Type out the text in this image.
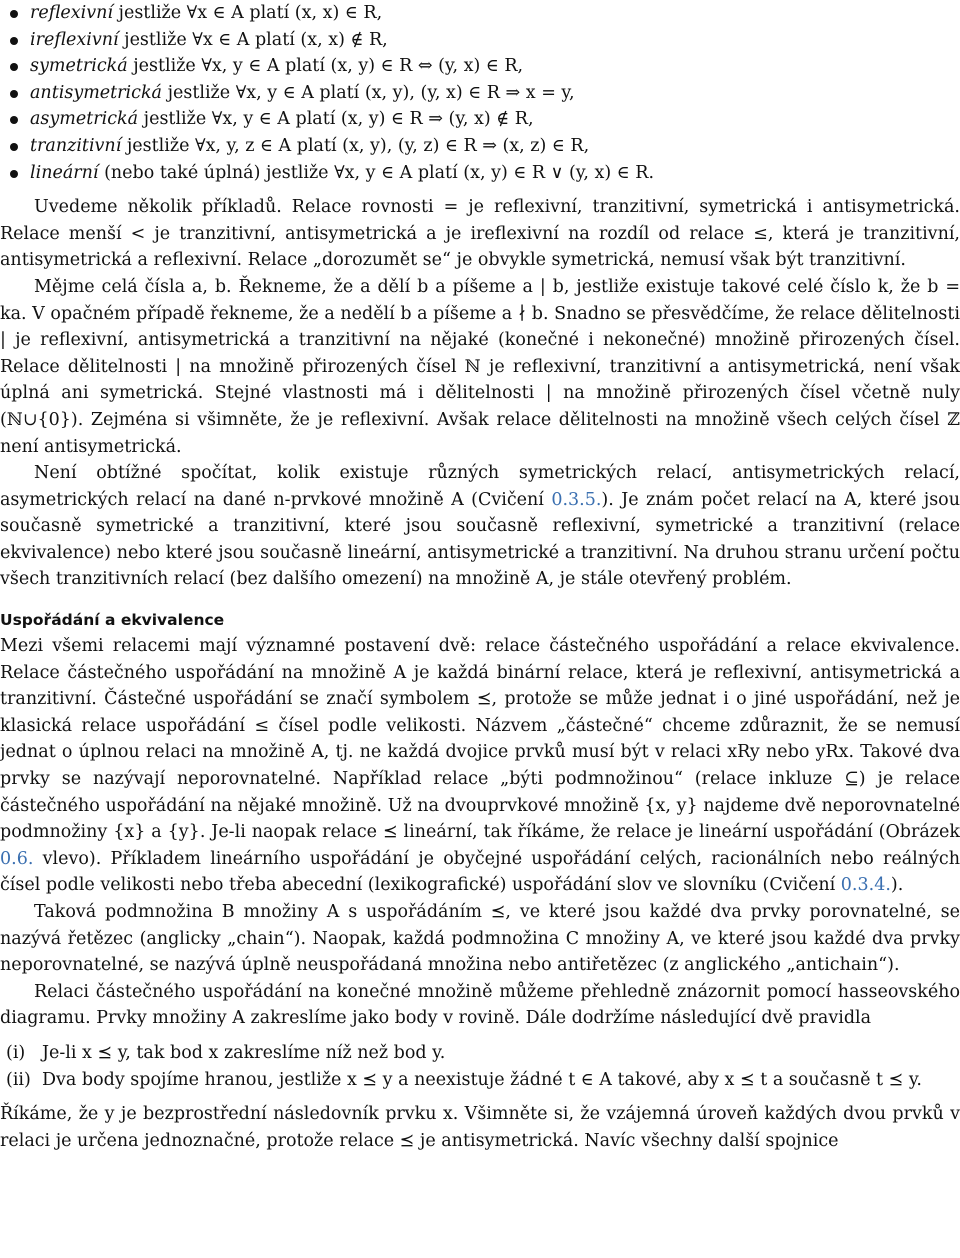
reflexivní jestliže ∀x ∈ A platí (x, x) ∈ R,
ireflexivní jestliže ∀x ∈ A platí (x, x) ∉ R,
symetrická jestliže ∀x, y ∈ A platí (x, y) ∈ R ⇔ (y, x) ∈ R,
antisymetrická jestliže ∀x, y ∈ A platí (x, y), (y, x) ∈ R ⇒ x = y,
asymetrická jestliže ∀x, y ∈ A platí (x, y) ∈ R ⇒ (y, x) ∉ R,
tranzitivní jestliže ∀x, y, z ∈ A platí (x, y), (y, z) ∈ R ⇒ (x, z) ∈ R,
lineární (nebo také úplná) jestliže ∀x, y ∈ A platí (x, y) ∈ R ∨ (y, x) ∈ R.

Uvedeme několik příkladů. Relace rovnosti = je reflexivní, tranzitivní, symetrická i antisymetrická. Relace menší < je tranzitivní, antisymetrická a je ireflexivní na rozdíl od relace ≤, která je tranzitivní, antisymetrická a reflexivní. Relace „dorozumět se“ je obvykle symetrická, nemusí však být tranzitivní.

Mějme celá čísla a, b. Řekneme, že a dělí b a píšeme a | b, jestliže existuje takové celé číslo k, že b = ka. V opačném případě řekneme, že a nedělí b a píšeme a ∤ b. Snadno se přesvědčíme, že relace dělitelnosti | je reflexivní, antisymetrická a tranzitivní na nějaké (konečné i nekonečné) množině přirozených čísel. Relace dělitelnosti | na množině přirozených čísel ℕ je reflexivní, tranzitivní a antisymetrická, není však úplná ani symetrická. Stejné vlastnosti má i dělitelnosti | na množině přirozených čísel včetně nuly (ℕ∪{0}). Zejména si všimněte, že je reflexivní. Avšak relace dělitelnosti na množině všech celých čísel ℤ není antisymetrická.

Není obtížné spočítat, kolik existuje různých symetrických relací, antisymetrických relací, asymetrických relací na dané n-prvkové množině A (Cvičení 0.3.5.). Je znám počet relací na A, které jsou současně symetrické a tranzitivní, které jsou současně reflexivní, symetrické a tranzitivní (relace ekvivalence) nebo které jsou současně lineární, antisymetrické a tranzitivní. Na druhou stranu určení počtu všech tranzitivních relací (bez dalšího omezení) na množině A, je stále otevřený problém.

Uspořádání a ekvivalence

Mezi všemi relacemi mají významné postavení dvě: relace částečného uspořádání a relace ekvivalence. Relace částečného uspořádání na množině A je každá binární relace, která je reflexivní, antisymetrická a tranzitivní. Částečné uspořádání se značí symbolem ⪯, protože se může jednat i o jiné uspořádání, než je klasická relace uspořádání ≤ čísel podle velikosti. Názvem „částečné“ chceme zdůraznit, že se nemusí jednat o úplnou relaci na množině A, tj. ne každá dvojice prvků musí být v relaci xRy nebo yRx. Takové dva prvky se nazývají neporovnatelné. Například relace „býti podmnožinou“ (relace inkluze ⊆) je relace částečného uspořádání na nějaké množině. Už na dvouprvkové množině {x, y} najdeme dvě neporovnatelné podmnožiny {x} a {y}. Je-li naopak relace ⪯ lineární, tak říkáme, že relace je lineární uspořádání (Obrázek 0.6. vlevo). Příkladem lineárního uspořádání je obyčejné uspořádání celých, racionálních nebo reálných čísel podle velikosti nebo třeba abecední (lexikografické) uspořádání slov ve slovníku (Cvičení 0.3.4.).

Taková podmnožina B množiny A s uspořádáním ⪯, ve které jsou každé dva prvky porovnatelné, se nazývá řetězec (anglicky „chain“). Naopak, každá podmnožina C množiny A, ve které jsou každé dva prvky neporovnatelné, se nazývá úplně neuspořádaná množina nebo antiřetězec (z anglického „antichain“).

Relaci částečného uspořádání na konečné množině můžeme přehledně znázornit pomocí hasseovského diagramu. Prvky množiny A zakreslíme jako body v rovině. Dále dodržíme následující dvě pravidla

(i) Je-li x ⪯ y, tak bod x zakreslíme níž než bod y.
(ii) Dva body spojíme hranou, jestliže x ⪯ y a neexistuje žádné t ∈ A takové, aby x ⪯ t a současně t ⪯ y.

Říkáme, že y je bezprostřední následovník prvku x. Všimněte si, že vzájemná úroveň každých dvou prvků v relaci je určena jednoznačné, protože relace ⪯ je antisymetrická. Navíc všechny další spojnice
